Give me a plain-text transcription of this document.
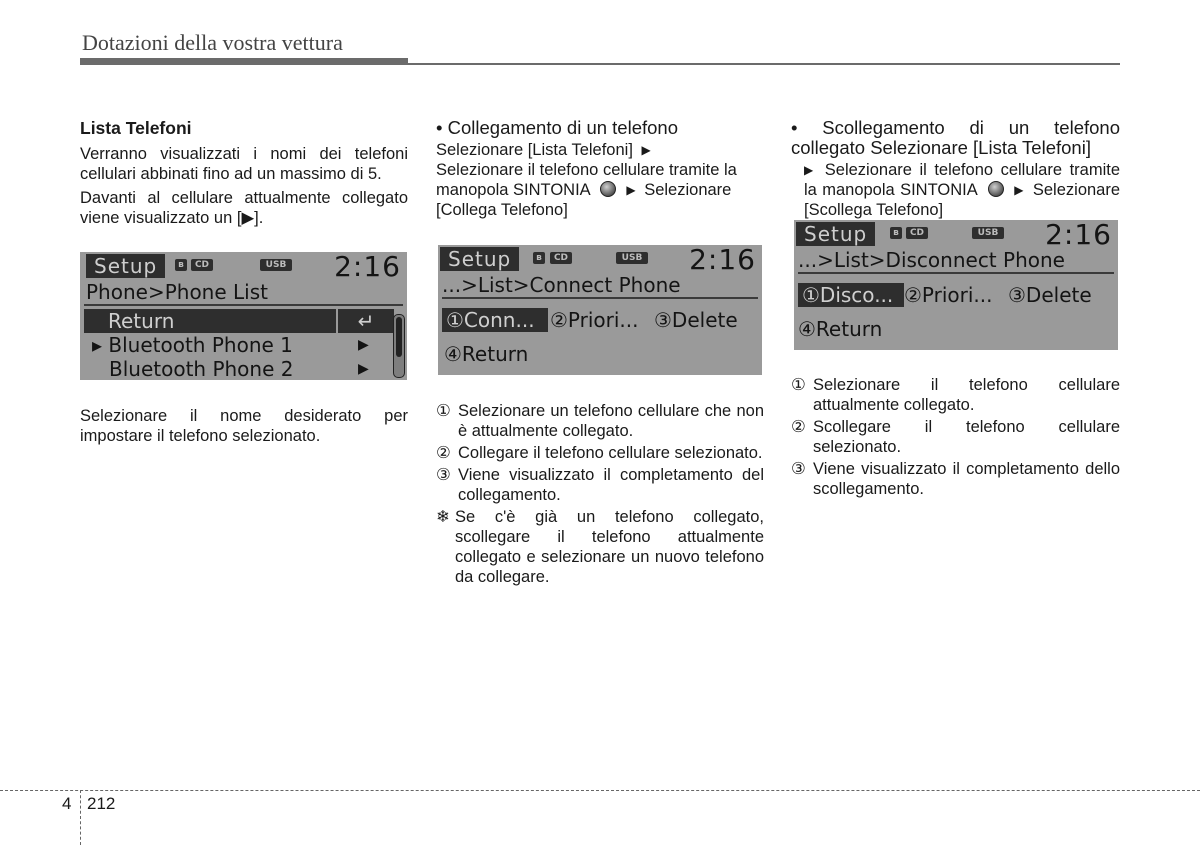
Dotazioni della vostra vettura

Lista Telefoni

Verranno visualizzati i nomi dei telefoni cellulari abbinati fino ad un massimo di 5.

Davanti al cellulare attualmente collegato viene visualizzato un [▶].

Setup	ʙ	CD	USB 2:16
Phone>Phone List
Return	↵
▸ Bluetooth Phone 1	▶
Bluetooth Phone 2	▶

Selezionare il nome desiderato per impostare il telefono selezionato.

• Collegamento di un telefono

Selezionare [Lista Telefoni] ▶

Selezionare il telefono cellulare tramite la manopola SINTONIA	▶ Selezionare [Collega Telefono]

Setup	ʙ	CD	USB 2:16
...>List>Connect Phone
①Conn... ②Priori... ③Delete
④Return
① Selezionare un telefono cellulare che non è attualmente collegato.
② Collegare il telefono cellulare selezionato.
③ Viene visualizzato il completamento del collegamento.
❄ Se c'è già un telefono collegato, scollegare il telefono attualmente collegato e selezionare un nuovo telefono da collegare.

• Scollegamento di un telefono collegato Selezionare [Lista Telefoni]

▶ Selezionare il telefono cellulare tramite la manopola SINTONIA	▶ Selezionare [Scollega Telefono]

Setup	ʙ	CD	USB 2:16
...>List>Disconnect Phone
①Disco... ②Priori... ③Delete
④Return
① Selezionare il telefono cellulare attualmente collegato.
② Scollegare il telefono cellulare selezionato.
③ Viene visualizzato il completamento dello scollegamento.
4 212
